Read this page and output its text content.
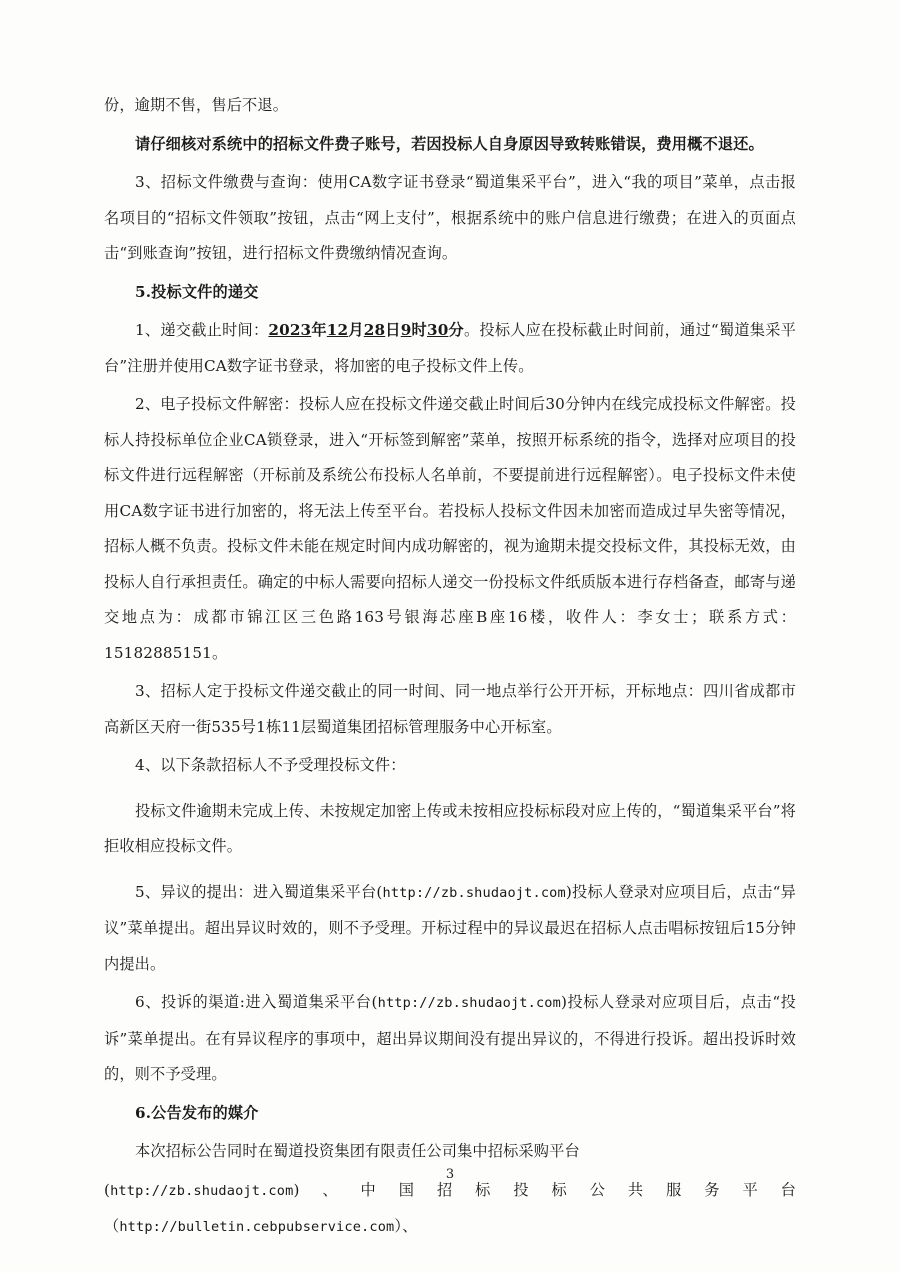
份，逾期不售，售后不退。

请仔细核对系统中的招标文件费子账号，若因投标人自身原因导致转账错误，费用概不退还。

3、招标文件缴费与查询：使用CA数字证书登录“蜀道集采平台”，进入“我的项目”菜单，点击报名项目的“招标文件领取”按钮，点击“网上支付”，根据系统中的账户信息进行缴费；在进入的页面点击“到账查询”按钮，进行招标文件费缴纳情况查询。

5.投标文件的递交

1、递交截止时间：2023年12月28日9时30分。投标人应在投标截止时间前，通过“蜀道集采平台”注册并使用CA数字证书登录，将加密的电子投标文件上传。

2、电子投标文件解密：投标人应在投标文件递交截止时间后30分钟内在线完成投标文件解密。投标人持投标单位企业CA锁登录，进入“开标签到解密”菜单，按照开标系统的指令，选择对应项目的投标文件进行远程解密（开标前及系统公布投标人名单前，不要提前进行远程解密）。电子投标文件未使用CA数字证书进行加密的，将无法上传至平台。若投标人投标文件因未加密而造成过早失密等情况，招标人概不负责。投标文件未能在规定时间内成功解密的，视为逾期未提交投标文件，其投标无效，由投标人自行承担责任。确定的中标人需要向招标人递交一份投标文件纸质版本进行存档备查，邮寄与递交地点为：成都市锦江区三色路163号银海芯座B座16楼，收件人：李女士；联系方式：15182885151。

3、招标人定于投标文件递交截止的同一时间、同一地点举行公开开标，开标地点：四川省成都市高新区天府一街535号1栋11层蜀道集团招标管理服务中心开标室。

4、以下条款招标人不予受理投标文件：

投标文件逾期未完成上传、未按规定加密上传或未按相应投标标段对应上传的，“蜀道集采平台”将拒收相应投标文件。

5、异议的提出：进入蜀道集采平台(http://zb.shudaojt.com)投标人登录对应项目后，点击“异议”菜单提出。超出异议时效的，则不予受理。开标过程中的异议最迟在招标人点击唱标按钮后15分钟内提出。

6、投诉的渠道:进入蜀道集采平台(http://zb.shudaojt.com)投标人登录对应项目后，点击“投诉”菜单提出。在有异议程序的事项中，超出异议期间没有提出异议的，不得进行投诉。超出投诉时效的，则不予受理。

6.公告发布的媒介

本次招标公告同时在蜀道投资集团有限责任公司集中招标采购平台

(http://zb.shudaojt.com)、中国招标投标公共服务平台（http://bulletin.cebpubservice.com）、

3
